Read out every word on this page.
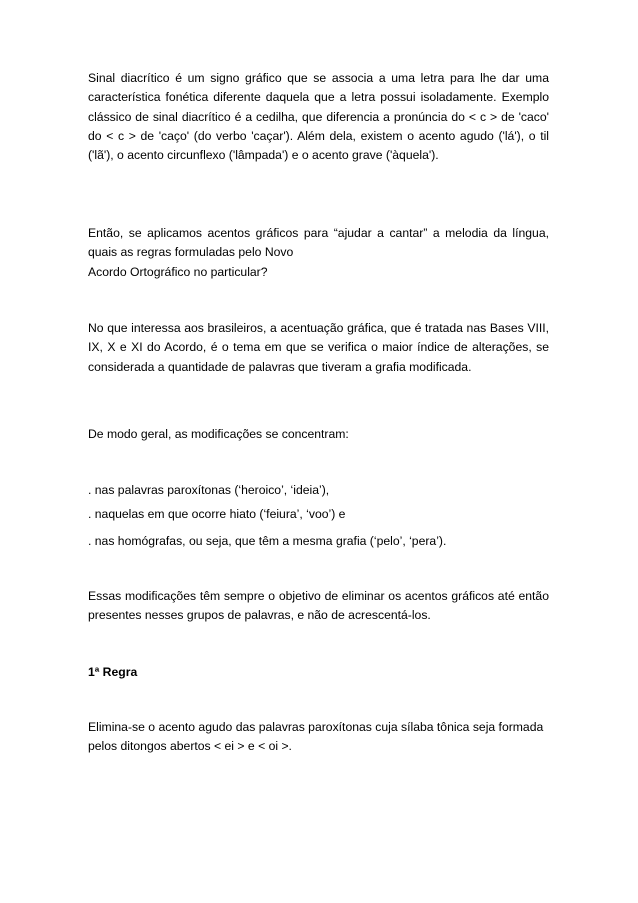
Sinal diacrítico é um signo gráfico que se associa a uma letra para lhe dar uma característica fonética diferente daquela que a letra possui isoladamente. Exemplo clássico de sinal diacrítico é a cedilha, que diferencia a pronúncia do < c > de 'caco' do < c > de 'caço' (do verbo 'caçar'). Além dela, existem o acento agudo ('lá'), o til ('lã'), o acento circunflexo ('lâmpada') e o acento grave ('àquela').

Então, se aplicamos acentos gráficos para “ajudar a cantar” a melodia da língua, quais as regras formuladas pelo Novo

Acordo Ortográfico no particular?

No que interessa aos brasileiros, a acentuação gráfica, que é tratada nas Bases VIII, IX, X e XI do Acordo, é o tema em que se verifica o maior índice de alterações, se considerada a quantidade de palavras que tiveram a grafia modificada.

De modo geral, as modificações se concentram:

. nas palavras paroxítonas (‘heroico’, ‘ideia’),

. naquelas em que ocorre hiato (‘feiura’, ‘voo’) e

. nas homógrafas, ou seja, que têm a mesma grafia (‘pelo’, ‘pera’).

Essas modificações têm sempre o objetivo de eliminar os acentos gráficos até então presentes nesses grupos de palavras, e não de acrescentá-los.

1ª Regra

Elimina-se o acento agudo das palavras paroxítonas cuja sílaba tônica seja formada pelos ditongos abertos < ei > e < oi >.
